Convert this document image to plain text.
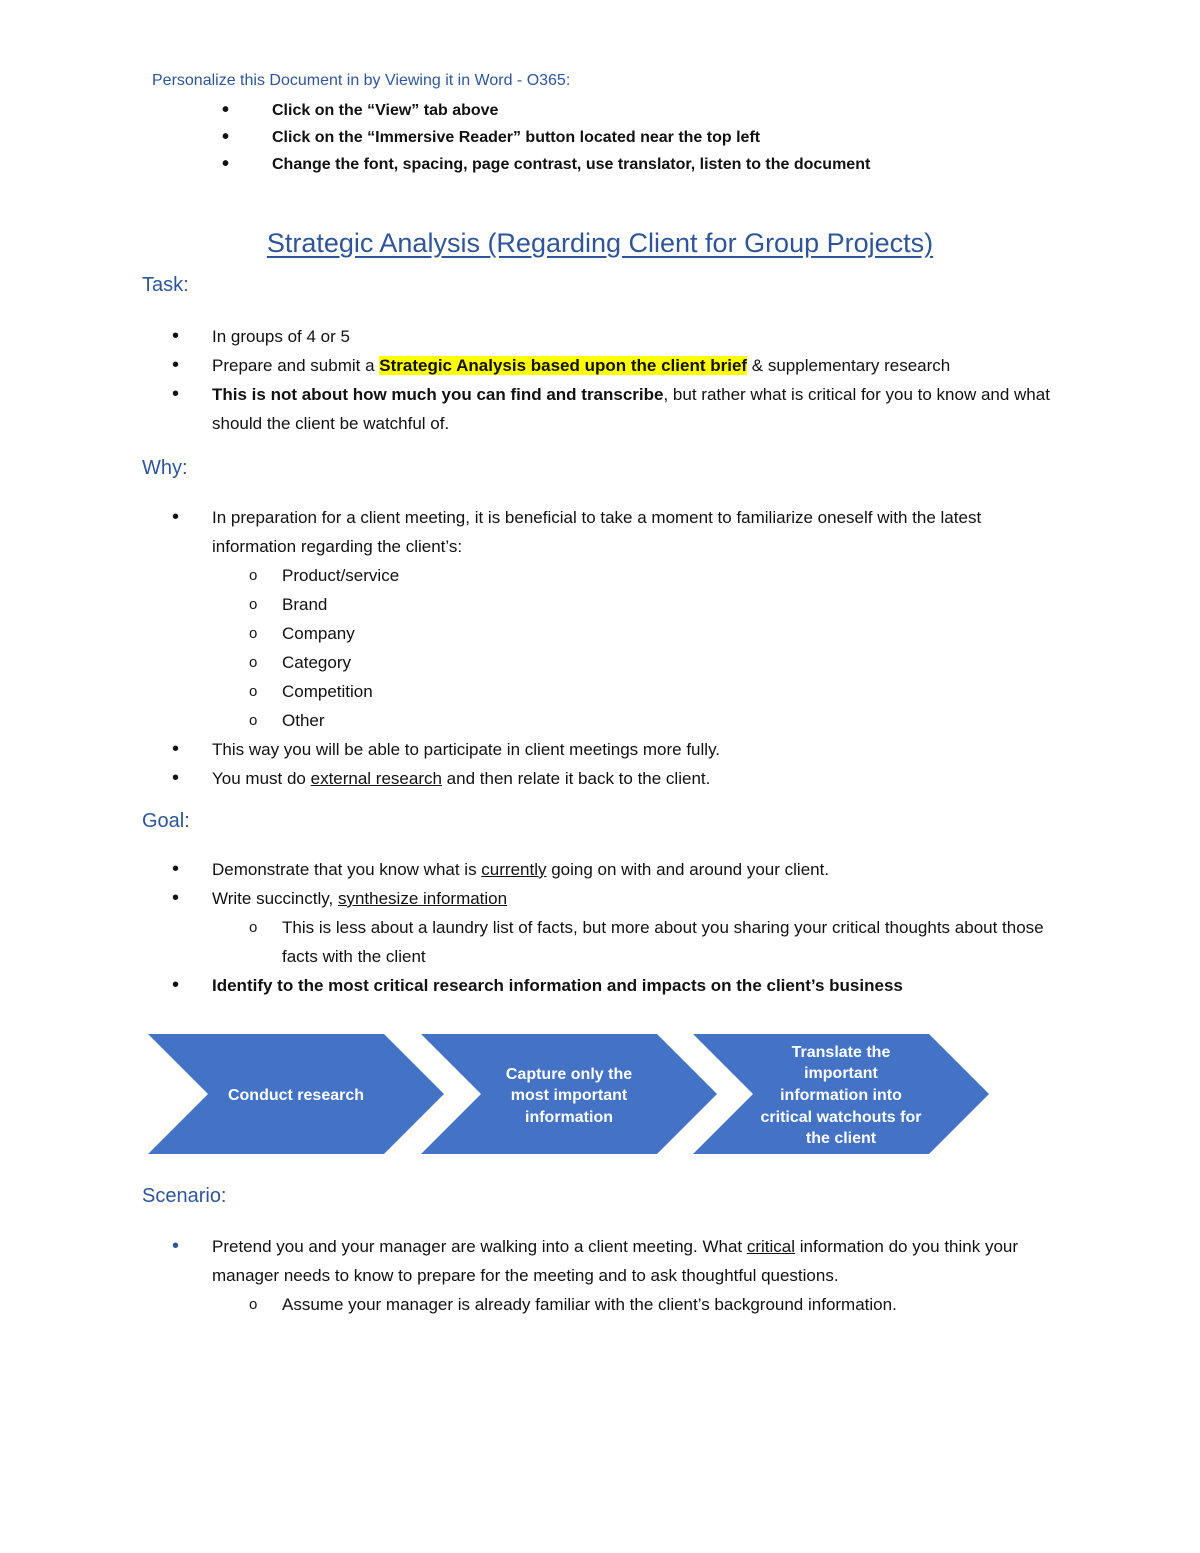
Personalize this Document in by Viewing it in Word - O365:
• Click on the “View” tab above
• Click on the “Immersive Reader” button located near the top left
• Change the font, spacing, page contrast, use translator, listen to the document
Strategic Analysis (Regarding Client for Group Projects)
Task:
• In groups of 4 or 5
• Prepare and submit a Strategic Analysis based upon the client brief & supplementary research
• This is not about how much you can find and transcribe, but rather what is critical for you to know and what should the client be watchful of.
Why:
• In preparation for a client meeting, it is beneficial to take a moment to familiarize oneself with the latest information regarding the client’s:
o Product/service
o Brand
o Company
o Category
o Competition
o Other
• This way you will be able to participate in client meetings more fully.
• You must do external research and then relate it back to the client.
Goal:
• Demonstrate that you know what is currently going on with and around your client.
• Write succinctly, synthesize information
o This is less about a laundry list of facts, but more about you sharing your critical thoughts about those facts with the client
• Identify to the most critical research information and impacts on the client’s business
Conduct research
Capture only the
most important
information
Translate the
important
information into
critical watchouts for
the client
Scenario:
• Pretend you and your manager are walking into a client meeting. What critical information do you think your manager needs to know to prepare for the meeting and to ask thoughtful questions.
o Assume your manager is already familiar with the client’s background information.
